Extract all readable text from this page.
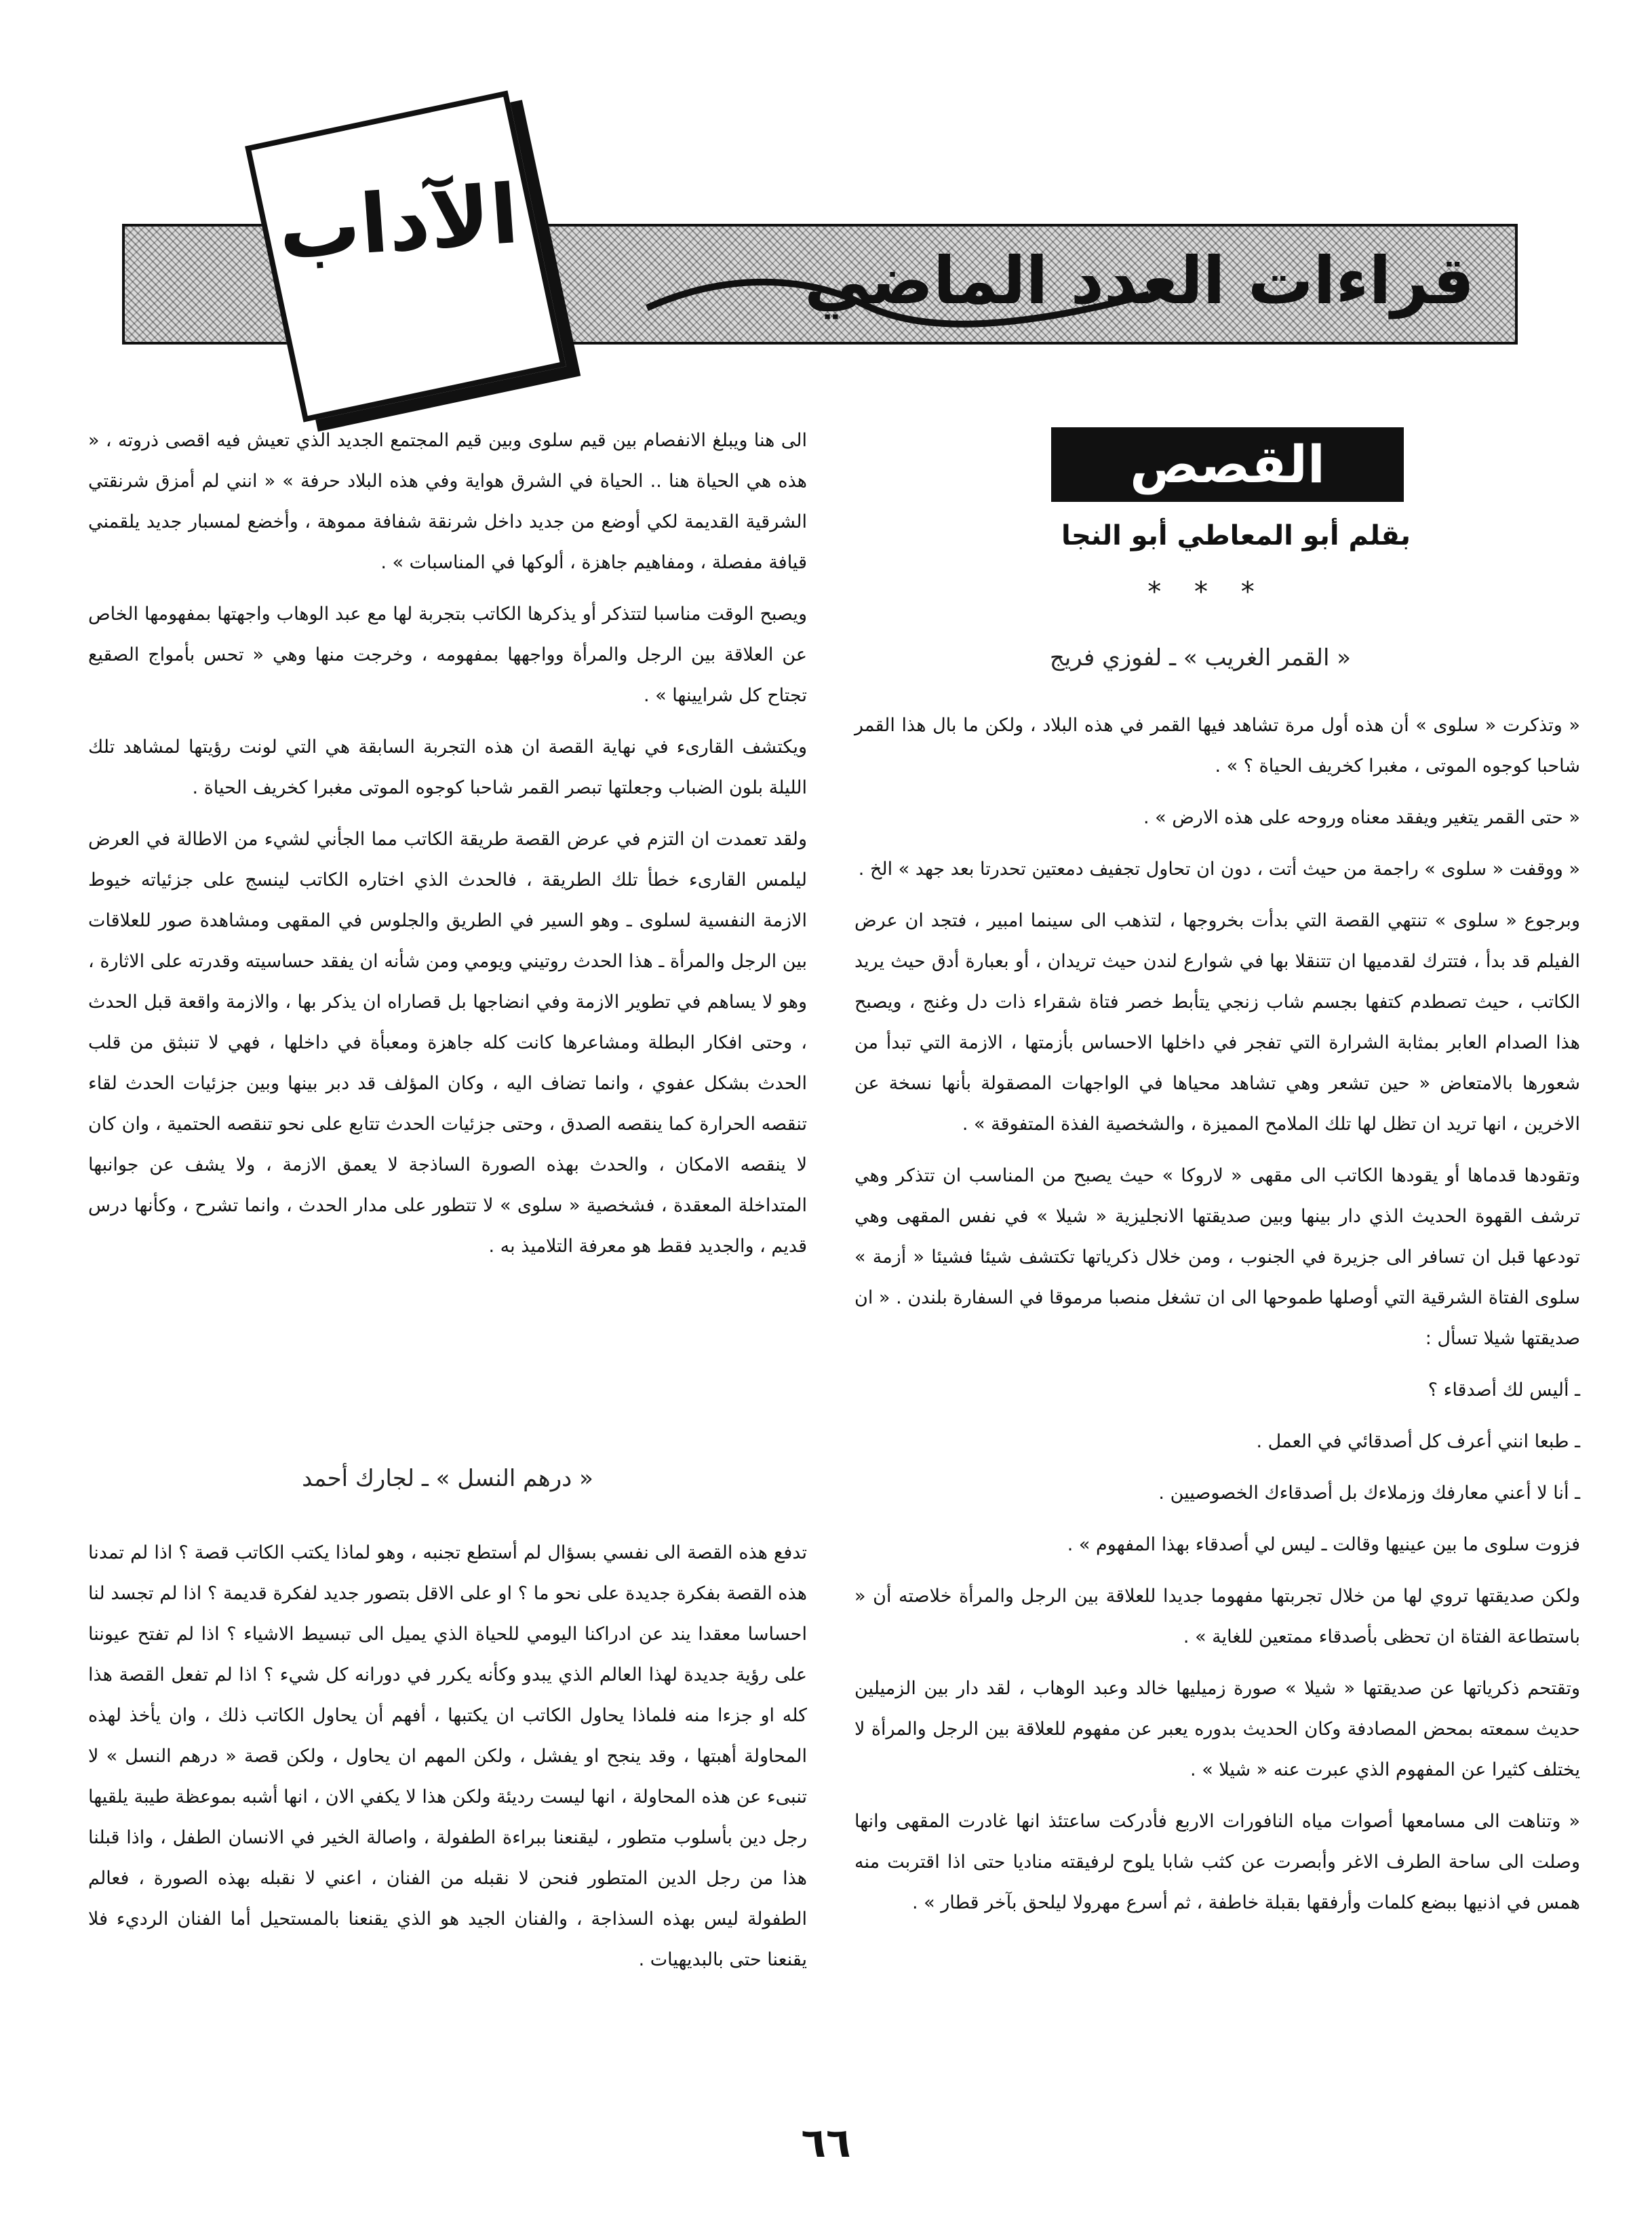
قراءات العدد الماضي
الآداب
القصص
بقلم أبو المعاطي أبو النجا
* * *
« القمر الغريب » ـ لفوزي فريج

« وتذكرت « سلوى » أن هذه أول مرة تشاهد فيها القمر في هذه البلاد ، ولكن ما بال هذا القمر شاحبا كوجوه الموتى ، مغبرا كخريف الحياة ؟ » .

« حتى القمر يتغير ويفقد معناه وروحه على هذه الارض » .

« ووقفت « سلوى » راجمة من حيث أتت ، دون ان تحاول تجفيف دمعتين تحدرتا بعد جهد » الخ .

وبرجوع « سلوى » تنتهي القصة التي بدأت بخروجها ، لتذهب الى سينما امبير ، فتجد ان عرض الفيلم قد بدأ ، فتترك لقدميها ان تتنقلا بها في شوارع لندن حيث تريدان ، أو بعبارة أدق حيث يريد الكاتب ، حيث تصطدم كتفها بجسم شاب زنجي يتأبط خصر فتاة شقراء ذات دل وغنج ، ويصبح هذا الصدام العابر بمثابة الشرارة التي تفجر في داخلها الاحساس بأزمتها ، الازمة التي تبدأ من شعورها بالامتعاض « حين تشعر وهي تشاهد محياها في الواجهات المصقولة بأنها نسخة عن الاخرين ، انها تريد ان تظل لها تلك الملامح المميزة ، والشخصية الفذة المتفوقة » .

وتقودها قدماها أو يقودها الكاتب الى مقهى « لاروكا » حيث يصبح من المناسب ان تتذكر وهي ترشف القهوة الحديث الذي دار بينها وبين صديقتها الانجليزية « شيلا » في نفس المقهى وهي تودعها قبل ان تسافر الى جزيرة في الجنوب ، ومن خلال ذكرياتها تكتشف شيئا فشيئا « أزمة » سلوى الفتاة الشرقية التي أوصلها طموحها الى ان تشغل منصبا مرموقا في السفارة بلندن . « ان صديقتها شيلا تسأل :

ـ أليس لك أصدقاء ؟

ـ طبعا انني أعرف كل أصدقائي في العمل .

ـ أنا لا أعني معارفك وزملاءك بل أصدقاءك الخصوصيين .

فزوت سلوى ما بين عينيها وقالت ـ ليس لي أصدقاء بهذا المفهوم » .

ولكن صديقتها تروي لها من خلال تجربتها مفهوما جديدا للعلاقة بين الرجل والمرأة خلاصته أن « باستطاعة الفتاة ان تحظى بأصدقاء ممتعين للغاية » .

وتقتحم ذكرياتها عن صديقتها « شيلا » صورة زميليها خالد وعبد الوهاب ، لقد دار بين الزميلين حديث سمعته بمحض المصادفة وكان الحديث بدوره يعبر عن مفهوم للعلاقة بين الرجل والمرأة لا يختلف كثيرا عن المفهوم الذي عبرت عنه « شيلا » .

« وتناهت الى مسامعها أصوات مياه النافورات الاربع فأدركت ساعتئذ انها غادرت المقهى وانها وصلت الى ساحة الطرف الاغر وأبصرت عن كثب شابا يلوح لرفيقته مناديا حتى اذا اقتربت منه همس في اذنيها ببضع كلمات وأرفقها بقبلة خاطفة ، ثم أسرع مهرولا ليلحق بآخر قطار » .

الى هنا ويبلغ الانفصام بين قيم سلوى وبين قيم المجتمع الجديد الذي تعيش فيه اقصى ذروته ، « هذه هي الحياة هنا .. الحياة في الشرق هواية وفي هذه البلاد حرفة » « انني لم أمزق شرنقتي الشرقية القديمة لكي أوضع من جديد داخل شرنقة شفافة مموهة ، وأخضع لمسبار جديد يلقمني قيافة مفصلة ، ومفاهيم جاهزة ، ألوكها في المناسبات » .

ويصبح الوقت مناسبا لتتذكر أو يذكرها الكاتب بتجربة لها مع عبد الوهاب واجهتها بمفهومها الخاص عن العلاقة بين الرجل والمرأة وواجهها بمفهومه ، وخرجت منها وهي « تحس بأمواج الصقيع تجتاح كل شرايينها » .

ويكتشف القارىء في نهاية القصة ان هذه التجربة السابقة هي التي لونت رؤيتها لمشاهد تلك الليلة بلون الضباب وجعلتها تبصر القمر شاحبا كوجوه الموتى مغبرا كخريف الحياة .

ولقد تعمدت ان التزم في عرض القصة طريقة الكاتب مما الجأني لشيء من الاطالة في العرض ليلمس القارىء خطأ تلك الطريقة ، فالحدث الذي اختاره الكاتب لينسج على جزئياته خيوط الازمة النفسية لسلوى ـ وهو السير في الطريق والجلوس في المقهى ومشاهدة صور للعلاقات بين الرجل والمرأة ـ هذا الحدث روتيني ويومي ومن شأنه ان يفقد حساسيته وقدرته على الاثارة ، وهو لا يساهم في تطوير الازمة وفي انضاجها بل قصاراه ان يذكر بها ، والازمة واقعة قبل الحدث ، وحتى افكار البطلة ومشاعرها كانت كله جاهزة ومعبأة في داخلها ، فهي لا تنبثق من قلب الحدث بشكل عفوي ، وانما تضاف اليه ، وكان المؤلف قد دبر بينها وبين جزئيات الحدث لقاء تنقصه الحرارة كما ينقصه الصدق ، وحتى جزئيات الحدث تتابع على نحو تنقصه الحتمية ، وان كان لا ينقصه الامكان ، والحدث بهذه الصورة الساذجة لا يعمق الازمة ، ولا يشف عن جوانبها المتداخلة المعقدة ، فشخصية « سلوى » لا تتطور على مدار الحدث ، وانما تشرح ، وكأنها درس قديم ، والجديد فقط هو معرفة التلاميذ به .

« درهم النسل » ـ لجارك أحمد

تدفع هذه القصة الى نفسي بسؤال لم أستطع تجنبه ، وهو لماذا يكتب الكاتب قصة ؟ اذا لم تمدنا هذه القصة بفكرة جديدة على نحو ما ؟ او على الاقل بتصور جديد لفكرة قديمة ؟ اذا لم تجسد لنا احساسا معقدا يند عن ادراكنا اليومي للحياة الذي يميل الى تبسيط الاشياء ؟ اذا لم تفتح عيوننا على رؤية جديدة لهذا العالم الذي يبدو وكأنه يكرر في دورانه كل شيء ؟ اذا لم تفعل القصة هذا كله او جزءا منه فلماذا يحاول الكاتب ان يكتبها ، أفهم أن يحاول الكاتب ذلك ، وان يأخذ لهذه المحاولة أهبتها ، وقد ينجح او يفشل ، ولكن المهم ان يحاول ، ولكن قصة « درهم النسل » لا تنبىء عن هذه المحاولة ، انها ليست رديئة ولكن هذا لا يكفي الان ، انها أشبه بموعظة طيبة يلقيها رجل دين بأسلوب متطور ، ليقنعنا ببراءة الطفولة ، واصالة الخير في الانسان الطفل ، واذا قبلنا هذا من رجل الدين المتطور فنحن لا نقبله من الفنان ، اعني لا نقبله بهذه الصورة ، فعالم الطفولة ليس بهذه السذاجة ، والفنان الجيد هو الذي يقنعنا بالمستحيل أما الفنان الرديء فلا يقنعنا حتى بالبديهيات .

٦٦
